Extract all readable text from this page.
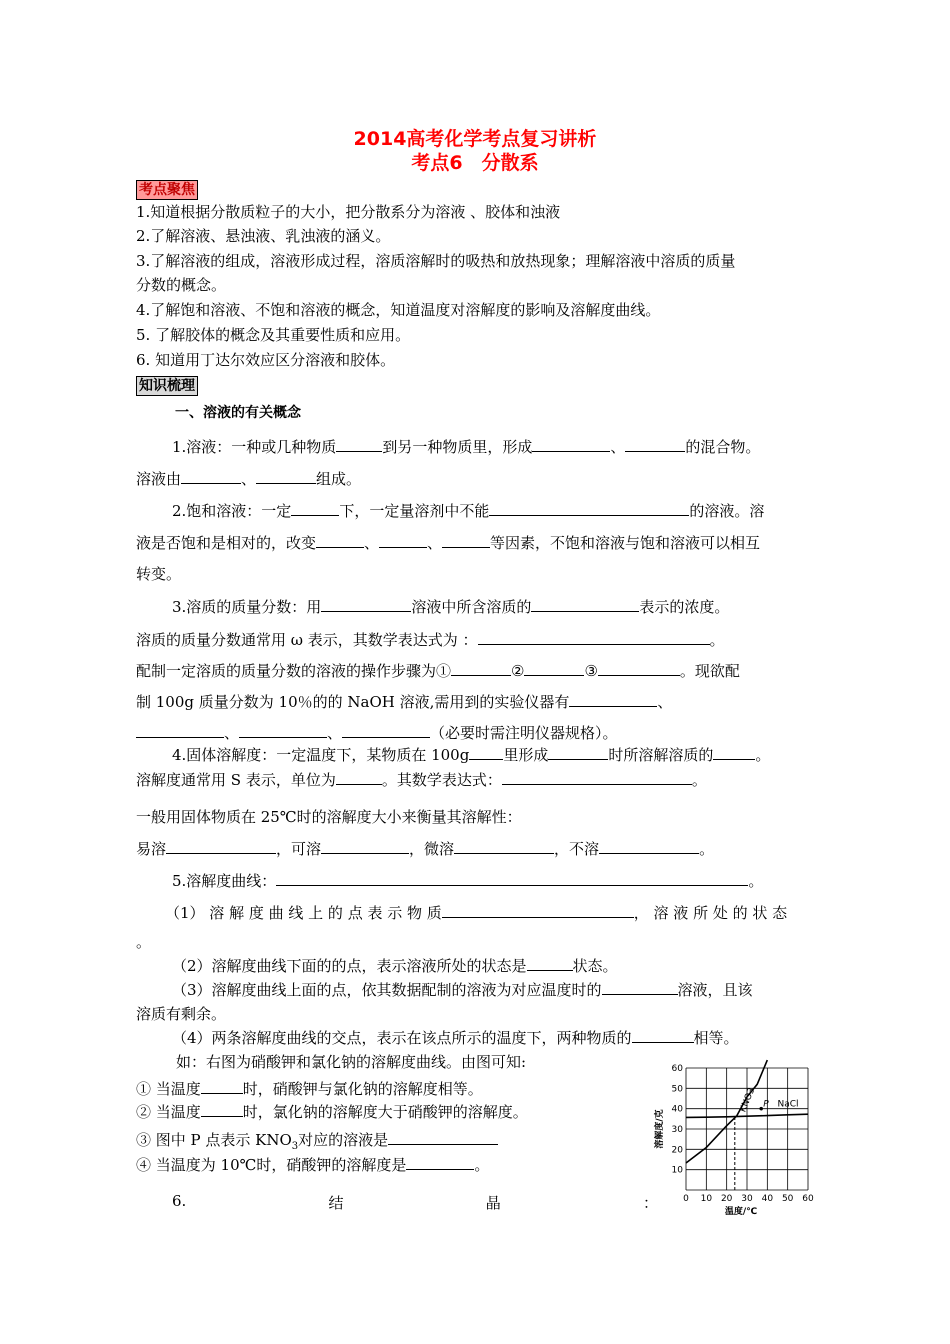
2014高考化学考点复习讲析
考点6　分散系
考点聚焦
1.知道根据分散质粒子的大小，把分散系分为溶液 、胶体和浊液
2.了解溶液、悬浊液、乳浊液的涵义。
3.了解溶液的组成，溶液形成过程，溶质溶解时的吸热和放热现象；理解溶液中溶质的质量
分数的概念。
4.了解饱和溶液、不饱和溶液的概念，知道温度对溶解度的影响及溶解度曲线。
5. 了解胶体的概念及其重要性质和应用。
6. 知道用丁达尔效应区分溶液和胶体。
知识梳理
一、溶液的有关概念
1.溶液：一种或几种物质	到另一种物质里，形成	、	的混合物。
溶液由	、	组成。
2.饱和溶液：一定	下，一定量溶剂中不能	的溶液。溶
液是否饱和是相对的，改变	、	、	等因素，不饱和溶液与饱和溶液可以相互
转变。
3.溶质的质量分数：用	溶液中所含溶质的	表示的浓度。
溶质的质量分数通常用 ω 表示，其数学表达式为 ：	。
配制一定溶质的质量分数的溶液的操作步骤为①	②	③	。现欲配
制 100g 质量分数为 10％的的 NaOH 溶液,需用到的实验仪器有	、
、	、	（必要时需注明仪器规格）。
4.固体溶解度：一定温度下，某物质在 100g 里形成	时所溶解溶质的	。
溶解度通常用 S 表示，单位为	。其数学表达式：	。
一般用固体物质在 25℃时的溶解度大小来衡量其溶解性：
易溶	，可溶	，微溶	，不溶	。
5.溶解度曲线：	。
（1） 溶 解 度 曲 线 上 的 点 表 示 物 质	， 溶 液 所 处 的 状 态
。
（2）溶解度曲线下面的的点，表示溶液所处的状态是	状态。
（3）溶解度曲线上面的点，依其数据配制的溶液为对应温度时的	溶液，且该
溶质有剩余。
（4）两条溶解度曲线的交点，表示在该点所示的温度下，两种物质的	相等。
如：右图为硝酸钾和氯化钠的溶解度曲线。由图可知:
① 当温度	时，硝酸钾与氯化钠的溶解度相等。
② 当温度	时，氯化钠的溶解度大于硝酸钾的溶解度。
③ 图中 P 点表示 $KNO_3$对应的溶液是
④ 当温度为 10℃时，硝酸钾的溶解度是	。
6.	结	晶	：	0 10 20 30 40 50 60
10
20
30
40
50
60
温度/℃
溶解度/克
KNO3 NaCl
P
